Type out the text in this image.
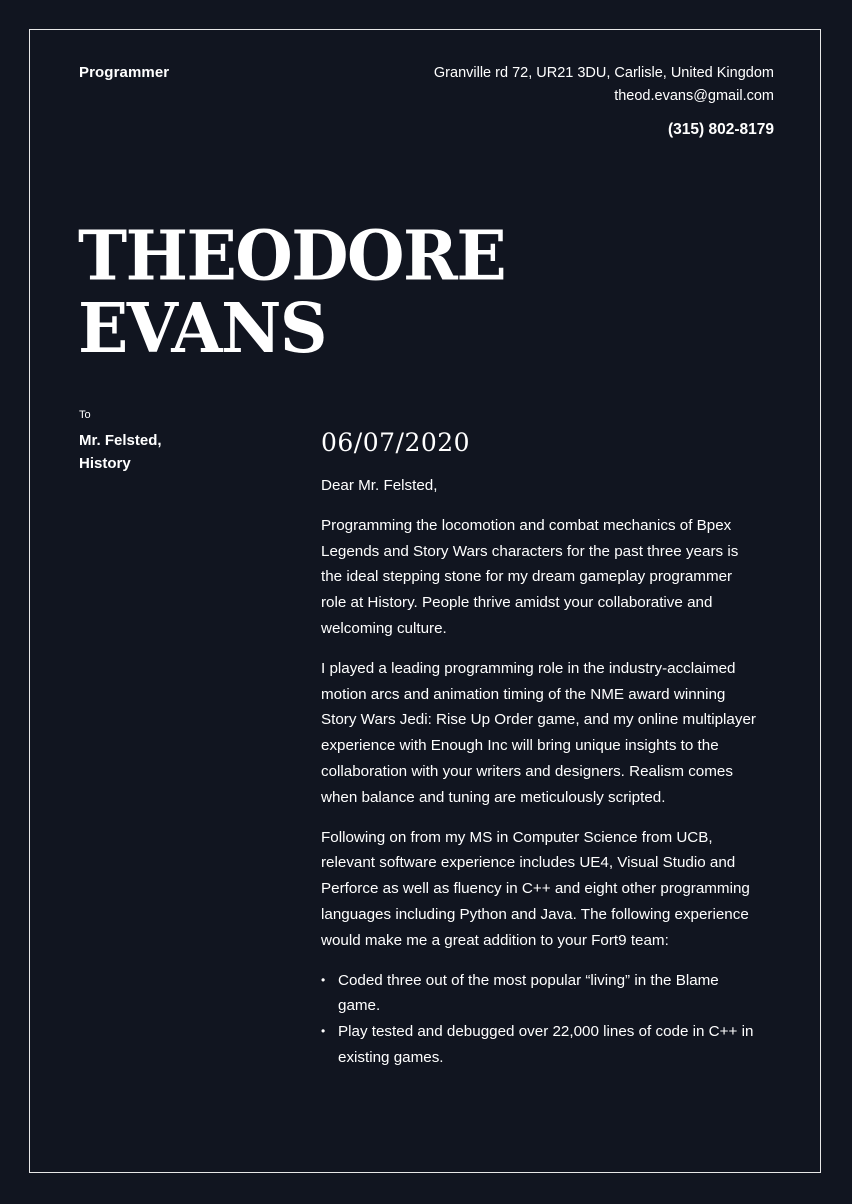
Programmer	Granville rd 72, UR21 3DU, Carlisle, United Kingdom
theod.evans@gmail.com
(315) 802-8179
THEODORE
EVANS
To
Mr. Felsted,
History
06/07/2020

Dear Mr. Felsted,

Programming the locomotion and combat mechanics of Bpex Legends and Story Wars characters for the past three years is the ideal stepping stone for my dream gameplay programmer role at History. People thrive amidst your collaborative and welcoming culture.

I played a leading programming role in the industry-acclaimed motion arcs and animation timing of the NME award winning Story Wars Jedi: Rise Up Order game, and my online multiplayer experience with Enough Inc will bring unique insights to the collaboration with your writers and designers. Realism comes when balance and tuning are meticulously scripted.

Following on from my MS in Computer Science from UCB, relevant software experience includes UE4, Visual Studio and Perforce as well as fluency in C++ and eight other programming languages including Python and Java. The following experience would make me a great addition to your Fort9 team:

• Coded three out of the most popular “living” in the Blame game.
• Play tested and debugged over 22,000 lines of code in C++ in existing games.
